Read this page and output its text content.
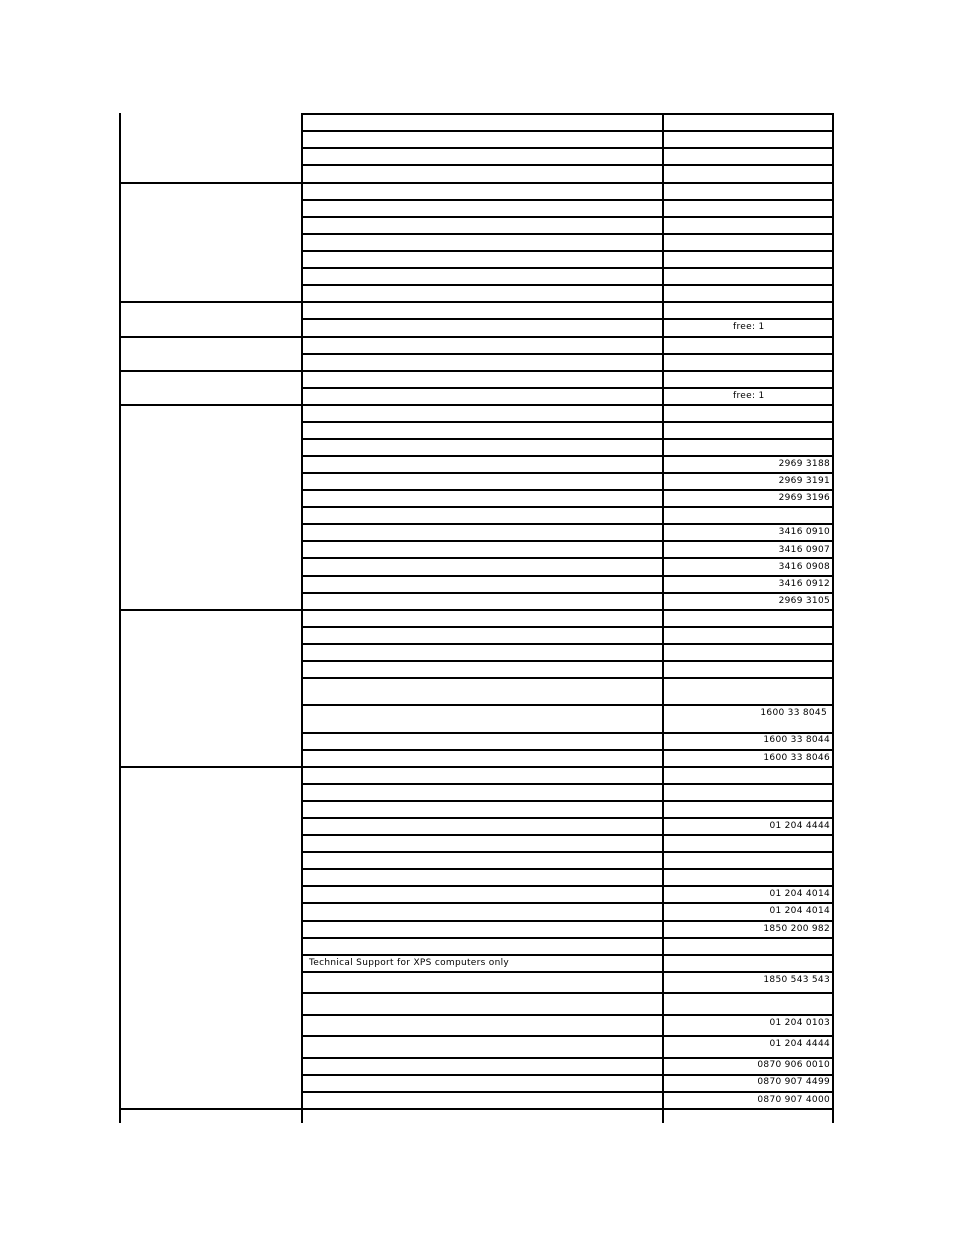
free: 1
free: 1
2969 3188
2969 3191
2969 3196
3416 0910
3416 0907
3416 0908
3416 0912
2969 3105
1600 33 8045
1600 33 8044
1600 33 8046
01 204 4444
01 204 4014
01 204 4014
1850 200 982
Technical Support for XPS computers only
1850 543 543
01 204 0103
01 204 4444
0870 906 0010
0870 907 4499
0870 907 4000
